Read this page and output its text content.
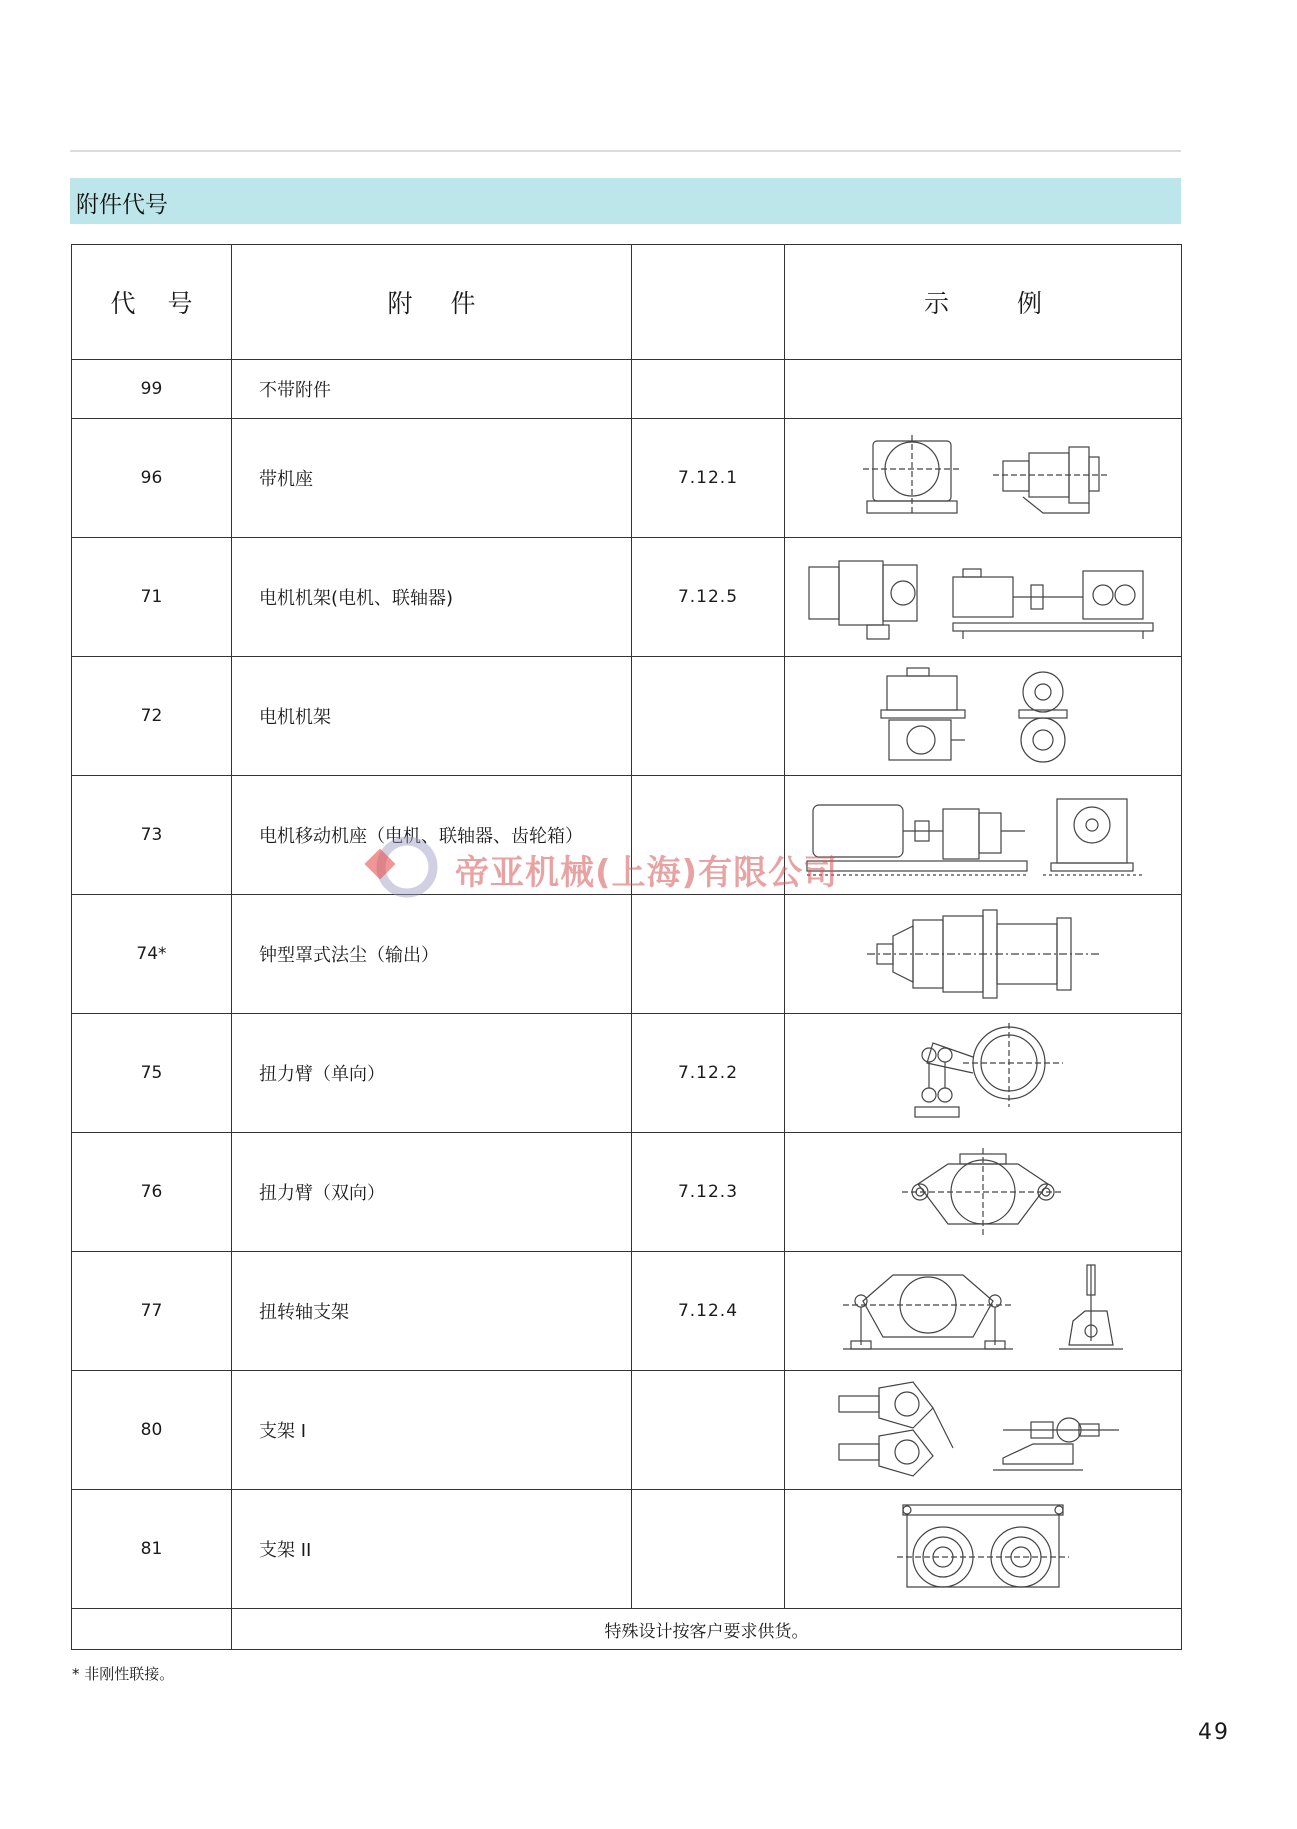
附件代号
代 号	附 件		示 例
99	不带附件		
96	带机座	7.12.1	

71	电机机架(电机、联轴器)	7.12.5	

72	电机机架		

73	电机移动机座（电机、联轴器、齿轮箱）		

74*	钟型罩式法尘（输出）		

75	扭力臂（单向）	7.12.2	

76	扭力臂（双向）	7.12.3	

77	扭转轴支架	7.12.4	

80	支架 I		

81	支架 II		

	特殊设计按客户要求供货。		
* 非刚性联接。
49
帝亚机械(上海)有限公司
